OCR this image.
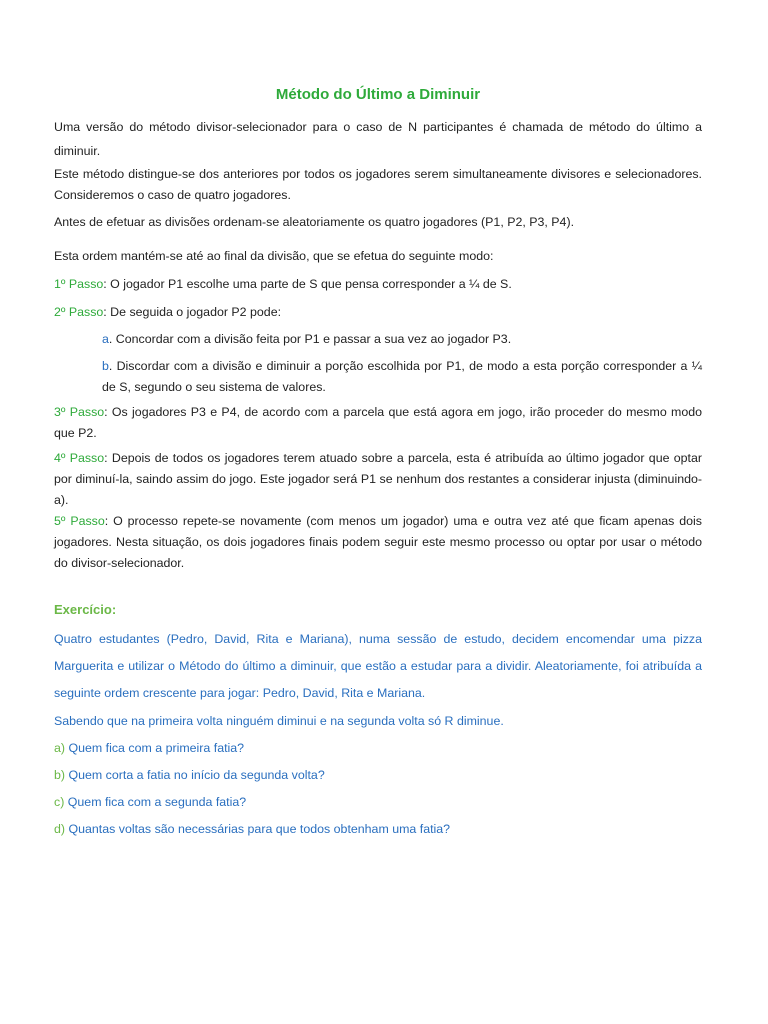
Método do Último a Diminuir
Uma versão do método divisor-selecionador para o caso de N participantes é chamada de método do último a diminuir.
Este método distingue-se dos anteriores por todos os jogadores serem simultaneamente divisores e selecionadores. Consideremos o caso de quatro jogadores.
Antes de efetuar as divisões ordenam-se aleatoriamente os quatro jogadores (P1, P2, P3, P4).
Esta ordem mantém-se até ao final da divisão, que se efetua do seguinte modo:
1º Passo: O jogador P1 escolhe uma parte de S que pensa corresponder a ¼ de S.
2º Passo: De seguida o jogador P2 pode:
a. Concordar com a divisão feita por P1 e passar a sua vez ao jogador P3.
b. Discordar com a divisão e diminuir a porção escolhida por P1, de modo a esta porção corresponder a ¼ de S, segundo o seu sistema de valores.
3º Passo: Os jogadores P3 e P4, de acordo com a parcela que está agora em jogo, irão proceder do mesmo modo que P2.
4º Passo: Depois de todos os jogadores terem atuado sobre a parcela, esta é atribuída ao último jogador que optar por diminuí-la, saindo assim do jogo. Este jogador será P1 se nenhum dos restantes a considerar injusta (diminuindo-a).
5º Passo: O processo repete-se novamente (com menos um jogador) uma e outra vez até que ficam apenas dois jogadores. Nesta situação, os dois jogadores finais podem seguir este mesmo processo ou optar por usar o método do divisor-selecionador.
Exercício:
Quatro estudantes (Pedro, David, Rita e Mariana), numa sessão de estudo, decidem encomendar uma pizza Marguerita e utilizar o Método do último a diminuir, que estão a estudar para a dividir. Aleatoriamente, foi atribuída a seguinte ordem crescente para jogar: Pedro, David, Rita e Mariana.
Sabendo que na primeira volta ninguém diminui e na segunda volta só R diminue.
a) Quem fica com a primeira fatia?
b) Quem corta a fatia no início da segunda volta?
c) Quem fica com a segunda fatia?
d) Quantas voltas são necessárias para que todos obtenham uma fatia?
